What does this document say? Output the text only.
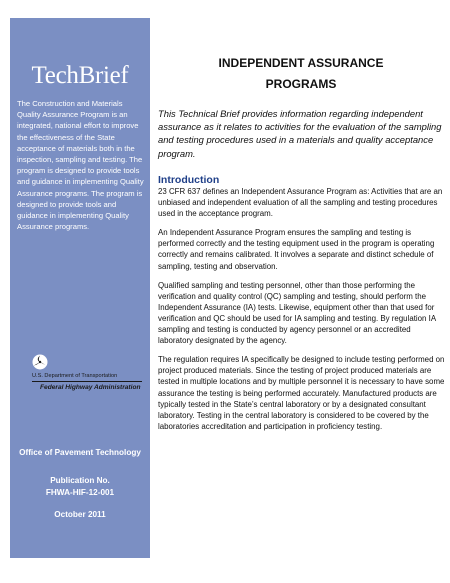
TechBrief
The Construction and Materials Quality Assurance Program is an integrated, national effort to improve the effectiveness of the State acceptance of materials both in the inspection, sampling and testing. The program is designed to provide tools and guidance in implementing Quality Assurance programs. The program is designed to provide tools and guidance in implementing Quality Assurance programs.
U.S. Department of Transportation
Federal Highway Administration
Office of Pavement Technology
Publication No.
FHWA-HIF-12-001
October 2011
INDEPENDENT ASSURANCE PROGRAMS
This Technical Brief provides information regarding independent assurance as it relates to activities for the evaluation of the sampling and testing procedures used in a materials and quality acceptance program.
Introduction

23 CFR 637 defines an Independent Assurance Program as: Activities that are an unbiased and independent evaluation of all the sampling and testing procedures used in the acceptance program.

An Independent Assurance Program ensures the sampling and testing is performed correctly and the testing equipment used in the program is operating correctly and remains calibrated. It involves a separate and distinct schedule of sampling, testing and observation.

Qualified sampling and testing personnel, other than those performing the verification and quality control (QC) sampling and testing, should perform the Independent Assurance (IA) tests. Likewise, equipment other than that used for verification and QC should be used for IA sampling and testing. By regulation IA sampling and testing is conducted by agency personnel or an accredited laboratory designated by the agency.

The regulation requires IA specifically be designed to include testing performed on project produced materials. Since the testing of project produced materials are tested in multiple locations and by multiple personnel it is necessary to have some assurance the testing is being performed accurately. Manufactured products are typically tested in the State’s central laboratory or by a designated consultant laboratory. Testing in the central laboratory is considered to be covered by the laboratories accreditation and participation in proficiency testing.
